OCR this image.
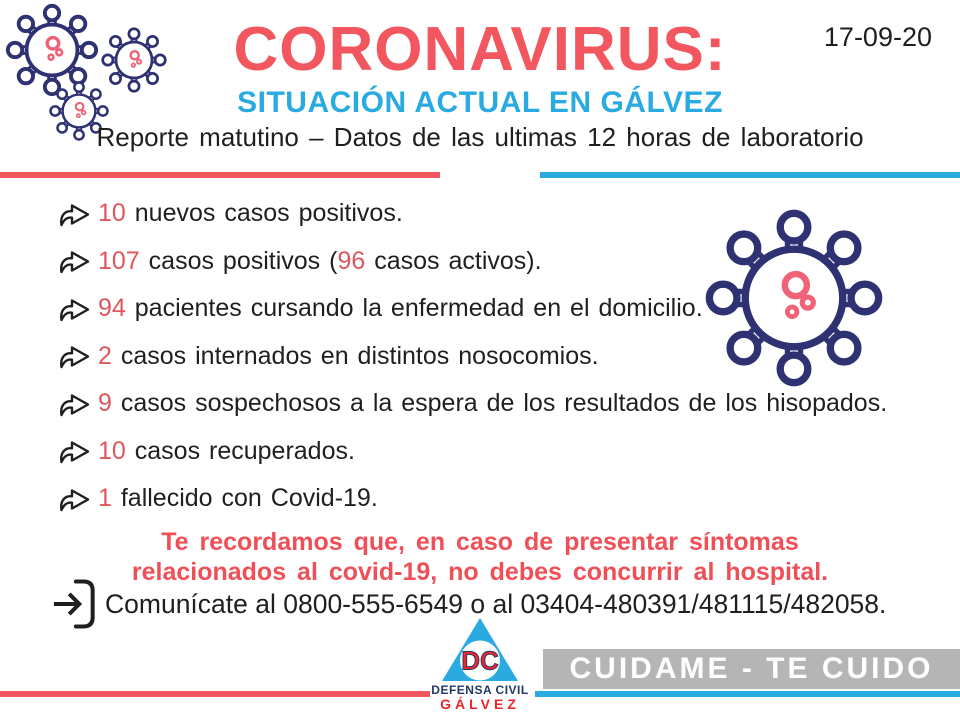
17-09-20
CORONAVIRUS:
SITUACIÓN ACTUAL EN GÁLVEZ
Reporte matutino – Datos de las ultimas 12 horas de laboratorio
10 nuevos casos positivos.
107 casos positivos (96 casos activos).
94 pacientes cursando la enfermedad en el domicilio.
2 casos internados en distintos nosocomios.
9 casos sospechosos a la espera de los resultados de los hisopados.
10 casos recuperados.
1 fallecido con Covid-19.
Te recordamos que, en caso de presentar síntomas relacionados al covid-19, no debes concurrir al hospital.
Comunícate al 0800-555-6549 o al 03404-480391/481115/482058.
CUIDAME - TE CUIDO
DC
DEFENSA CIVIL
GÁLVEZ
